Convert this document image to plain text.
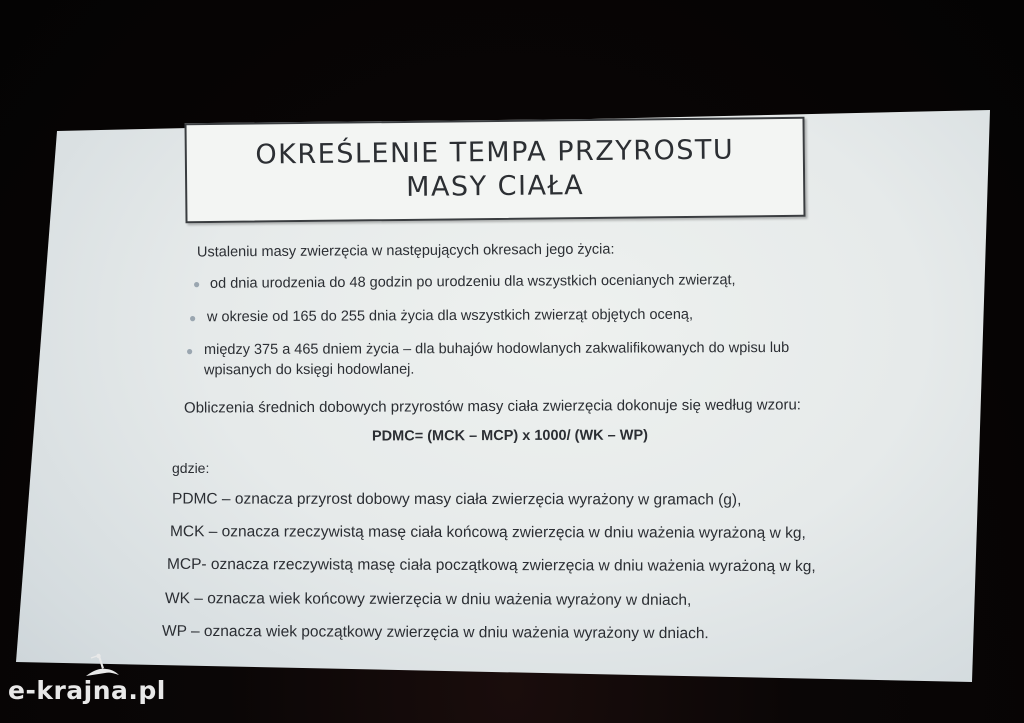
OKREŚLENIE TEMPA PRZYROSTU MASY CIAŁA
Ustaleniu masy zwierzęcia w następujących okresach jego życia:
● od dnia urodzenia do 48 godzin po urodzeniu dla wszystkich ocenianych zwierząt,
● w okresie od 165 do 255 dnia życia dla wszystkich zwierząt objętych oceną,
● między 375 a 465 dniem życia – dla buhajów hodowlanych zakwalifikowanych do wpisu lub
wpisanych do księgi hodowlanej.
Obliczenia średnich dobowych przyrostów masy ciała zwierzęcia dokonuje się według wzoru:
PDMC= (MCK – MCP) x 1000/ (WK – WP)
gdzie:
PDMC – oznacza przyrost dobowy masy ciała zwierzęcia wyrażony w gramach (g),
MCK – oznacza rzeczywistą masę ciała końcową zwierzęcia w dniu ważenia wyrażoną w kg,
MCP- oznacza rzeczywistą masę ciała początkową zwierzęcia w dniu ważenia wyrażoną w kg,
WK – oznacza wiek końcowy zwierzęcia w dniu ważenia wyrażony w dniach,
WP – oznacza wiek początkowy zwierzęcia w dniu ważenia wyrażony w dniach.
e-krajna.pl
